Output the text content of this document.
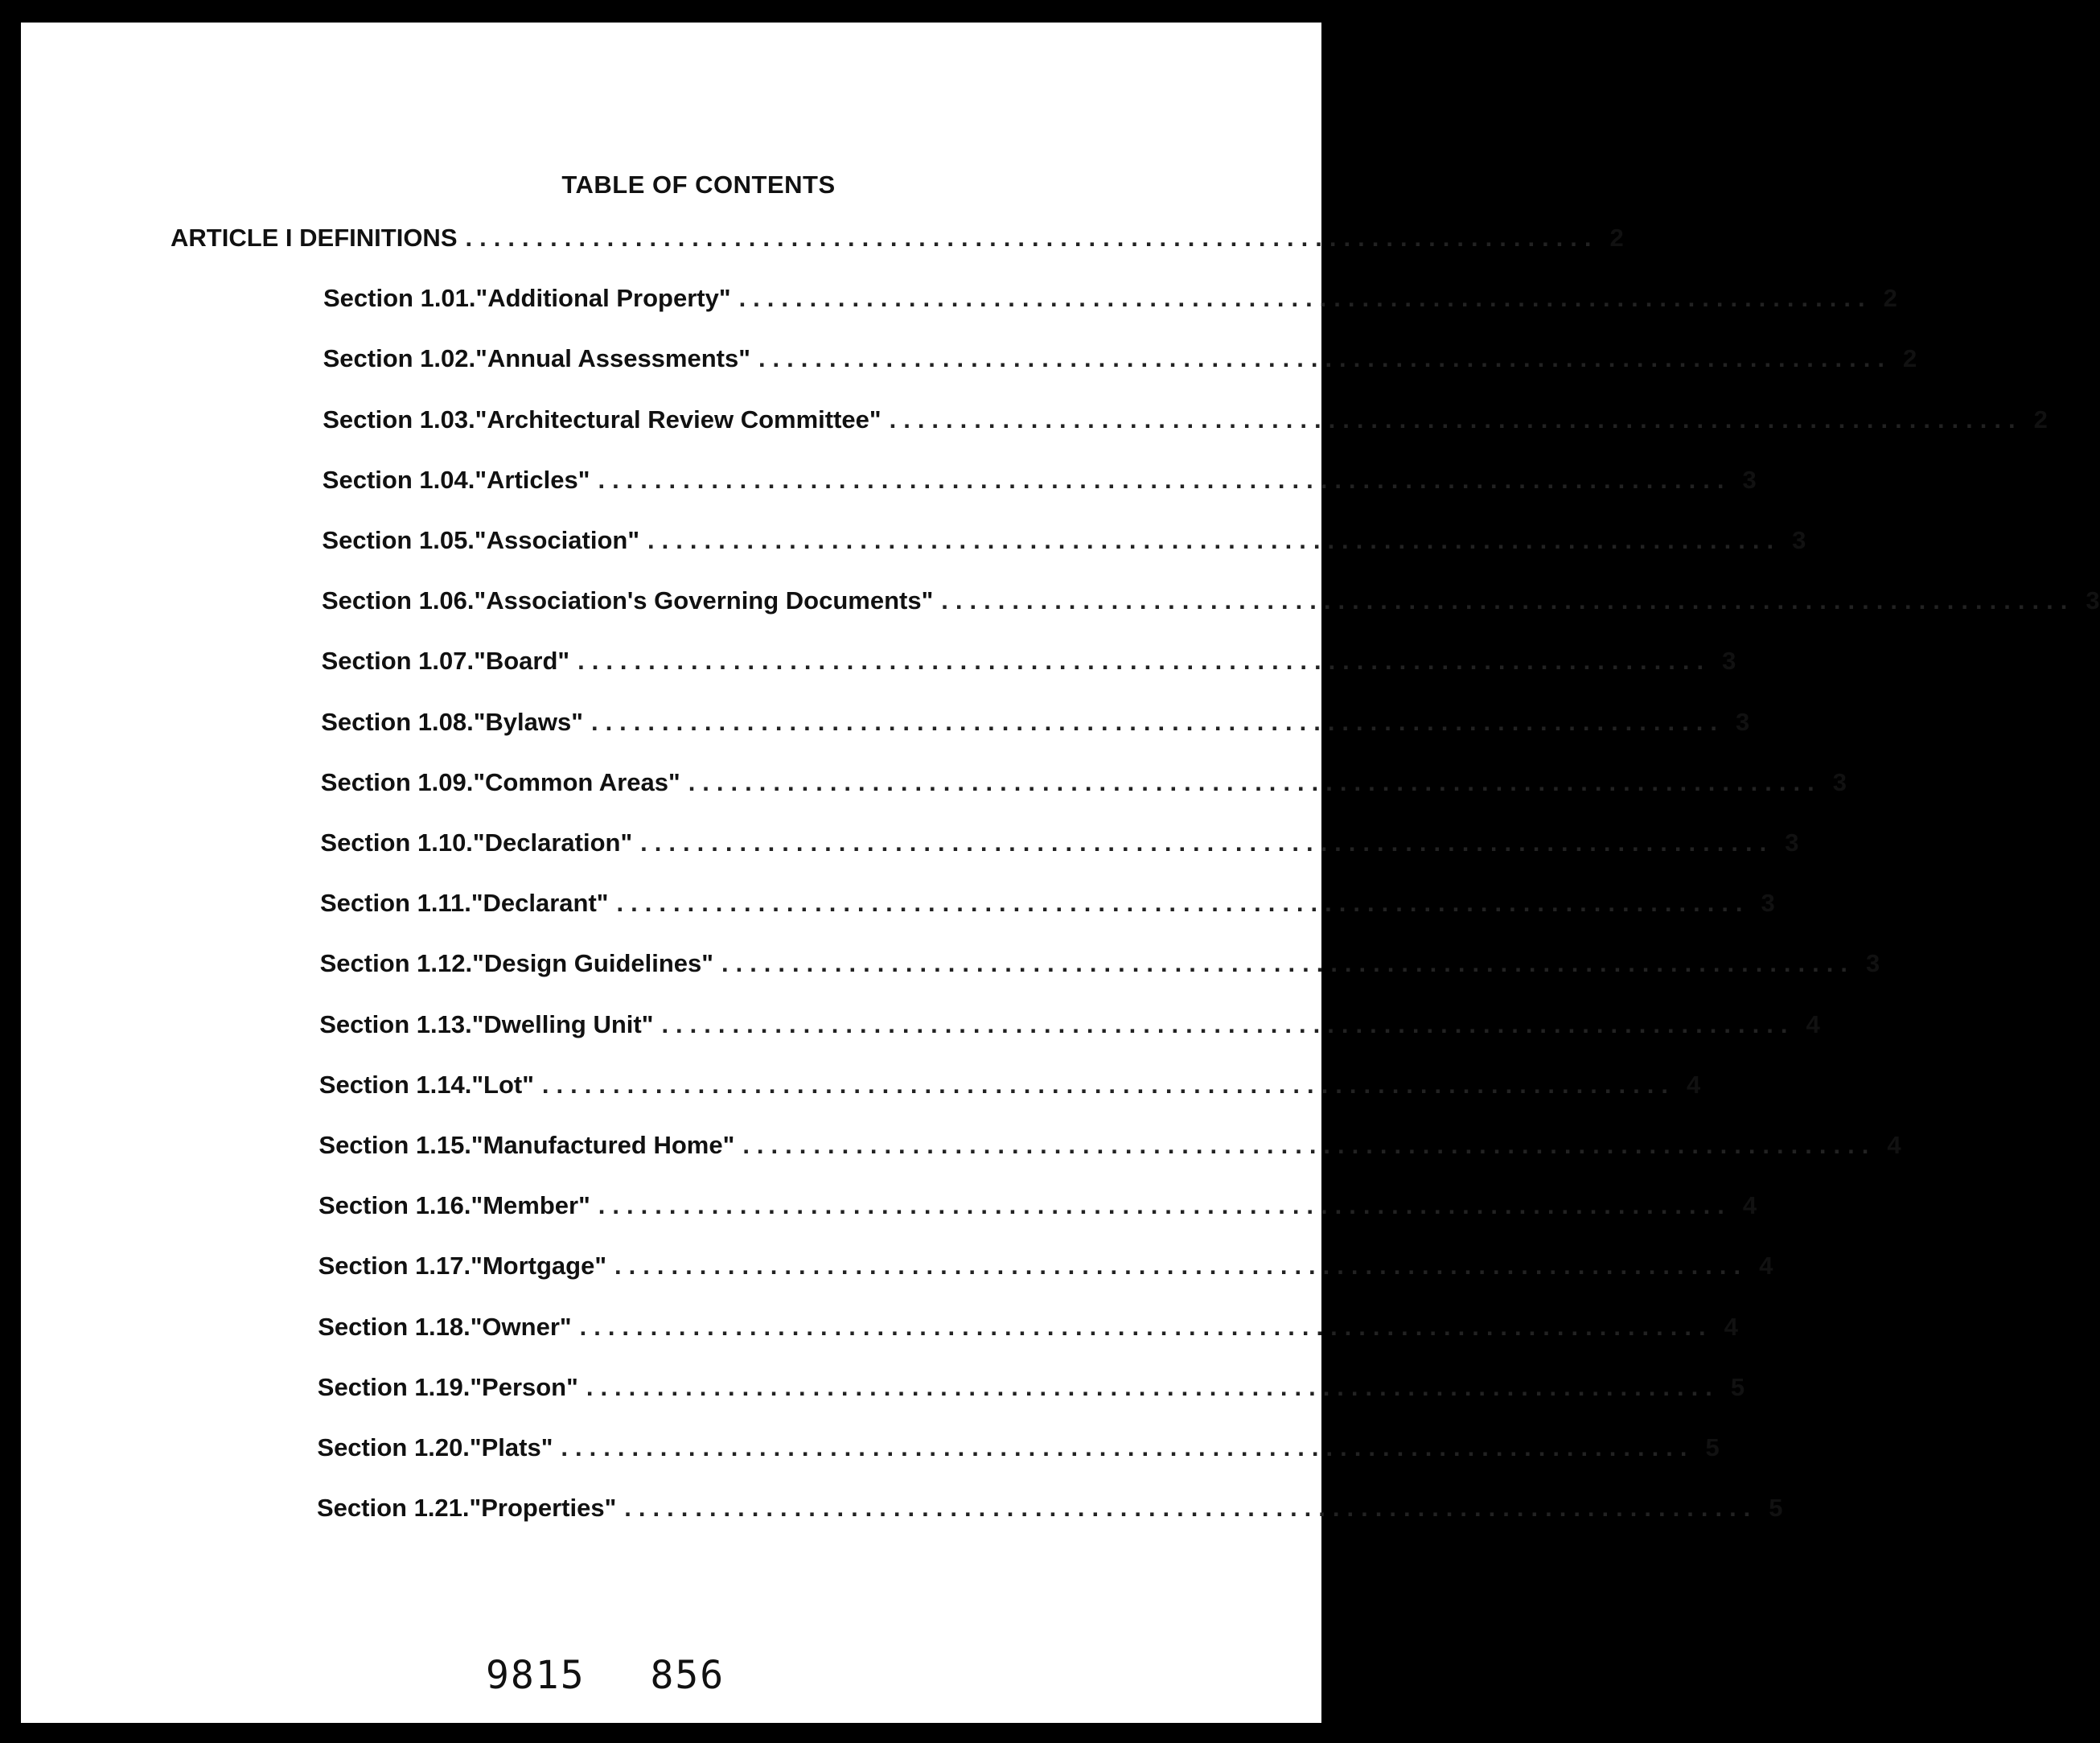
TABLE OF CONTENTS
ARTICLE I DEFINITIONS ................................................................................ 2
Section 1.01. "Additional Property" ................................................................................ 2
Section 1.02. "Annual Assessments" ................................................................................ 2
Section 1.03. "Architectural Review Committee" ................................................................................ 2
Section 1.04. "Articles" ................................................................................ 3
Section 1.05. "Association" ................................................................................ 3
Section 1.06. "Association's Governing Documents" ................................................................................ 3
Section 1.07. "Board" ................................................................................ 3
Section 1.08. "Bylaws" ................................................................................ 3
Section 1.09. "Common Areas" ................................................................................ 3
Section 1.10. "Declaration" ................................................................................ 3
Section 1.11. "Declarant" ................................................................................ 3
Section 1.12. "Design Guidelines" ................................................................................ 3
Section 1.13. "Dwelling Unit" ................................................................................ 4
Section 1.14. "Lot" ................................................................................ 4
Section 1.15. "Manufactured Home" ................................................................................ 4
Section 1.16. "Member" ................................................................................ 4
Section 1.17. "Mortgage" ................................................................................ 4
Section 1.18. "Owner" ................................................................................ 4
Section 1.19. "Person" ................................................................................ 5
Section 1.20. "Plats" ................................................................................ 5
Section 1.21. "Properties" ................................................................................ 5
9815 856
